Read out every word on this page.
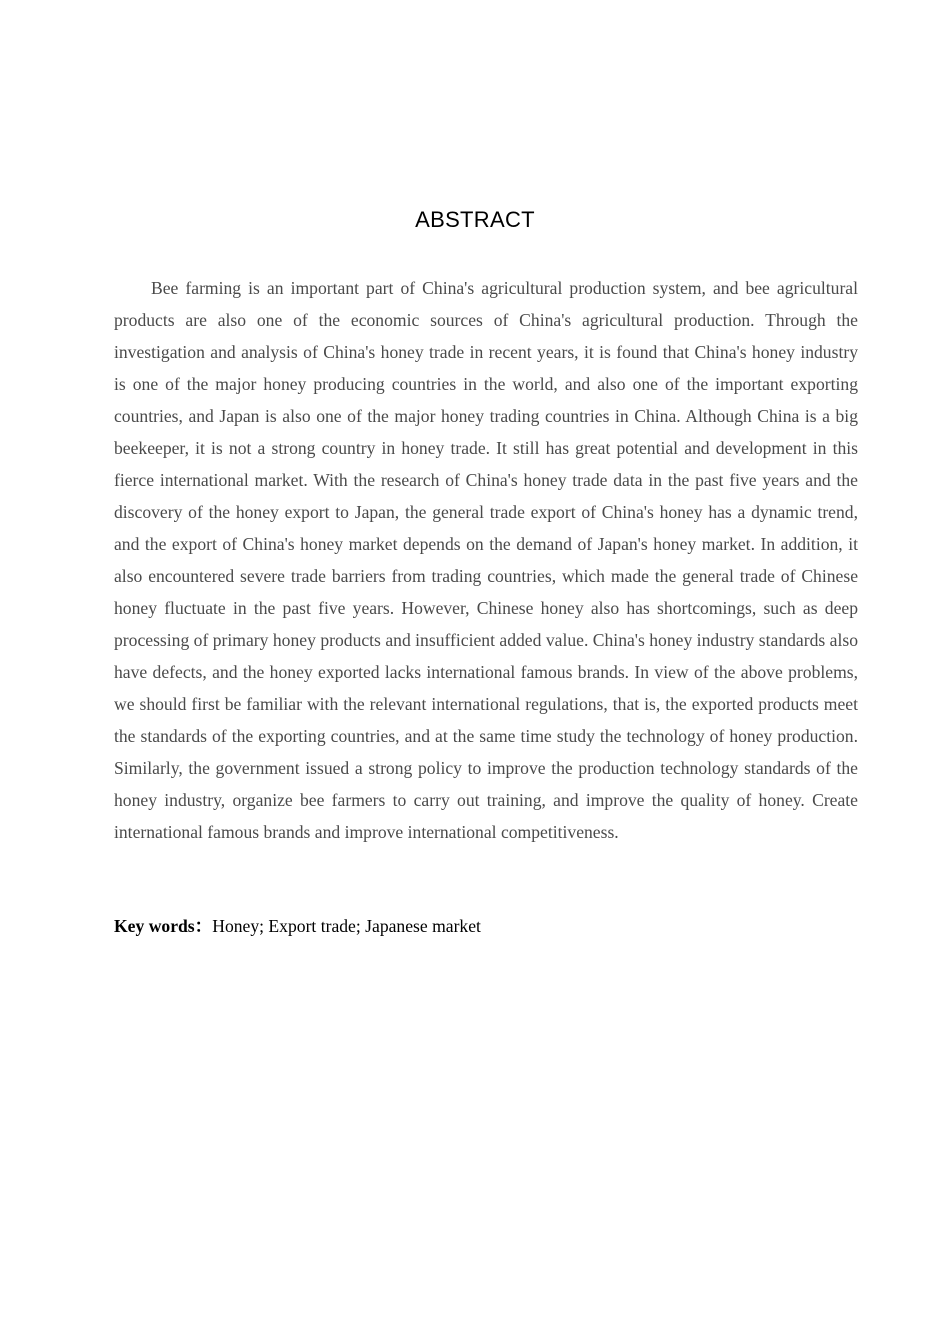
ABSTRACT

Bee farming is an important part of China's agricultural production system, and bee agricultural products are also one of the economic sources of China's agricultural production. Through the investigation and analysis of China's honey trade in recent years, it is found that China's honey industry is one of the major honey producing countries in the world, and also one of the important exporting countries, and Japan is also one of the major honey trading countries in China. Although China is a big beekeeper, it is not a strong country in honey trade. It still has great potential and development in this fierce international market. With the research of China's honey trade data in the past five years and the discovery of the honey export to Japan, the general trade export of China's honey has a dynamic trend, and the export of China's honey market depends on the demand of Japan's honey market. In addition, it also encountered severe trade barriers from trading countries, which made the general trade of Chinese honey fluctuate in the past five years. However, Chinese honey also has shortcomings, such as deep processing of primary honey products and insufficient added value. China's honey industry standards also have defects, and the honey exported lacks international famous brands. In view of the above problems, we should first be familiar with the relevant international regulations, that is, the exported products meet the standards of the exporting countries, and at the same time study the technology of honey production. Similarly, the government issued a strong policy to improve the production technology standards of the honey industry, organize bee farmers to carry out training, and improve the quality of honey. Create international famous brands and improve international competitiveness.

Key words：Honey; Export trade; Japanese market
